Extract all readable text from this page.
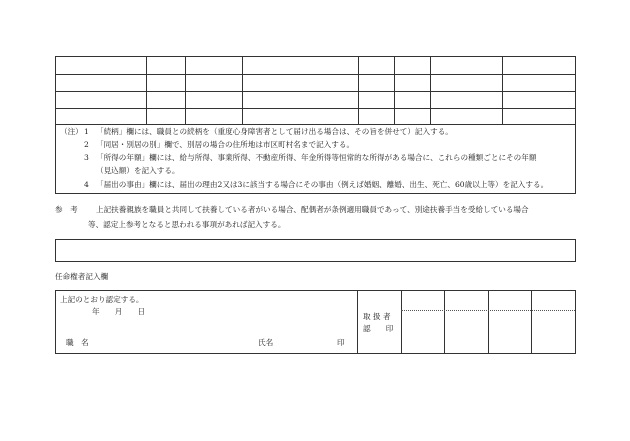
（注） 1 「続柄」欄には、職員との続柄を（重度心身障害者として届け出る場合は、その旨を併せて）記入する。
2 「同居・別居の別」欄で、別居の場合の住所地は市区町村名まで記入する。
3 「所得の年額」欄には、給与所得、事業所得、不動産所得、年金所得等恒常的な所得がある場合に、これらの種類ごとにその年額
（見込額）を記入する。
4 「届出の事由」欄には、届出の理由2又は3に該当する場合にその事由（例えば婚姻、離婚、出生、死亡、60歳以上等）を記入する。
参　考 上記扶養親族を職員と共同して扶養している者がいる場合、配偶者が条例適用職員であって、別途扶養手当を受給している場合
等、認定上参考となると思われる事項があれば記入する。
任命権者記入欄
上記のとおり認定する。
年　　月　　日
職　名	氏名	印
取 扱 者
認　　印
